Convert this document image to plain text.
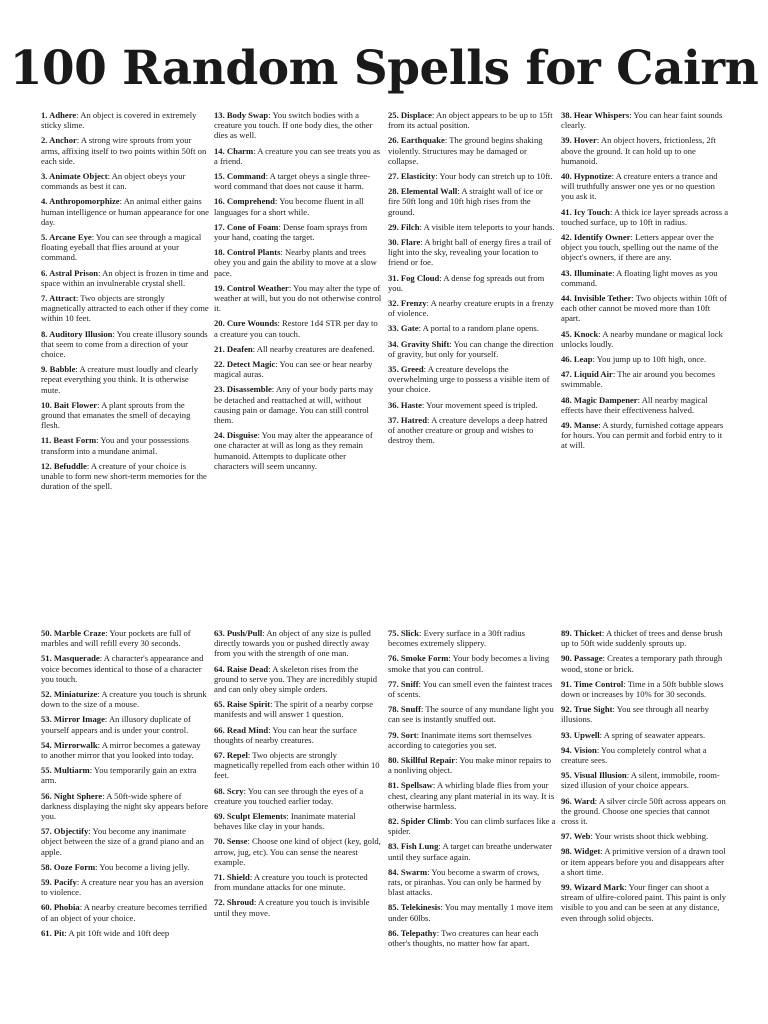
100 Random Spells for Cairn

1. Adhere: An object is covered in extremely sticky slime.

2. Anchor: A strong wire sprouts from your arms, affixing itself to two points within 50ft on each side.

3. Animate Object: An object obeys your commands as best it can.

4. Anthropomorphize: An animal either gains human intelligence or human appearance for one day.

5. Arcane Eye: You can see through a magical floating eyeball that flies around at your command.

6. Astral Prison: An object is frozen in time and space within an invulnerable crystal shell.

7. Attract: Two objects are strongly magnetically attracted to each other if they come within 10 feet.

8. Auditory Illusion: You create illusory sounds that seem to come from a direction of your choice.

9. Babble: A creature must loudly and clearly repeat everything you think. It is otherwise mute.

10. Bait Flower: A plant sprouts from the ground that emanates the smell of decaying flesh.

11. Beast Form: You and your possessions transform into a mundane animal.

12. Befuddle: A creature of your choice is unable to form new short-term memories for the duration of the spell.

13. Body Swap: You switch bodies with a creature you touch. If one body dies, the other dies as well.

14. Charm: A creature you can see treats you as a friend.

15. Command: A target obeys a single three-word command that does not cause it harm.

16. Comprehend: You become fluent in all languages for a short while.

17. Cone of Foam: Dense foam sprays from your hand, coating the target.

18. Control Plants: Nearby plants and trees obey you and gain the ability to move at a slow pace.

19. Control Weather: You may alter the type of weather at will, but you do not otherwise control it.

20. Cure Wounds: Restore 1d4 STR per day to a creature you can touch.

21. Deafen: All nearby creatures are deafened.

22. Detect Magic: You can see or hear nearby magical auras.

23. Disassemble: Any of your body parts may be detached and reattached at will, without causing pain or damage. You can still control them.

24. Disguise: You may alter the appearance of one character at will as long as they remain humanoid. Attempts to duplicate other characters will seem uncanny.

25. Displace: An object appears to be up to 15ft from its actual position.

26. Earthquake: The ground begins shaking violently. Structures may be damaged or collapse.

27. Elasticity: Your body can stretch up to 10ft.

28. Elemental Wall: A straight wall of ice or fire 50ft long and 10ft high rises from the ground.

29. Filch: A visible item teleports to your hands.

30. Flare: A bright ball of energy fires a trail of light into the sky, revealing your location to friend or foe.

31. Fog Cloud: A dense fog spreads out from you.

32. Frenzy: A nearby creature erupts in a frenzy of violence.

33. Gate: A portal to a random plane opens.

34. Gravity Shift: You can change the direction of gravity, but only for yourself.

35. Greed: A creature develops the overwhelming urge to possess a visible item of your choice.

36. Haste: Your movement speed is tripled.

37. Hatred: A creature develops a deep hatred of another creature or group and wishes to destroy them.

38. Hear Whispers: You can hear faint sounds clearly.

39. Hover: An object hovers, frictionless, 2ft above the ground. It can hold up to one humanoid.

40. Hypnotize: A creature enters a trance and will truthfully answer one yes or no question you ask it.

41. Icy Touch: A thick ice layer spreads across a touched surface, up to 10ft in radius.

42. Identify Owner: Letters appear over the object you touch, spelling out the name of the object's owners, if there are any.

43. Illuminate: A floating light moves as you command.

44. Invisible Tether: Two objects within 10ft of each other cannot be moved more than 10ft apart.

45. Knock: A nearby mundane or magical lock unlocks loudly.

46. Leap: You jump up to 10ft high, once.

47. Liquid Air: The air around you becomes swimmable.

48. Magic Dampener: All nearby magical effects have their effectiveness halved.

49. Manse: A sturdy, furnished cottage appears for hours. You can permit and forbid entry to it at will.

50. Marble Craze: Your pockets are full of marbles and will refill every 30 seconds.

51. Masquerade: A character's appearance and voice becomes identical to those of a character you touch.

52. Miniaturize: A creature you touch is shrunk down to the size of a mouse.

53. Mirror Image: An illusory duplicate of yourself appears and is under your control.

54. Mirrorwalk: A mirror becomes a gateway to another mirror that you looked into today.

55. Multiarm: You temporarily gain an extra arm.

56. Night Sphere: A 50ft-wide sphere of darkness displaying the night sky appears before you.

57. Objectify: You become any inanimate object between the size of a grand piano and an apple.

58. Ooze Form: You become a living jelly.

59. Pacify: A creature near you has an aversion to violence.

60. Phobia: A nearby creature becomes terrified of an object of your choice.

61. Pit: A pit 10ft wide and 10ft deep

63. Push/Pull: An object of any size is pulled directly towards you or pushed directly away from you with the strength of one man.

64. Raise Dead: A skeleton rises from the ground to serve you. They are incredibly stupid and can only obey simple orders.

65. Raise Spirit: The spirit of a nearby corpse manifests and will answer 1 question.

66. Read Mind: You can hear the surface thoughts of nearby creatures.

67. Repel: Two objects are strongly magnetically repelled from each other within 10 feet.

68. Scry: You can see through the eyes of a creature you touched earlier today.

69. Sculpt Elements: Inanimate material behaves like clay in your hands.

70. Sense: Choose one kind of object (key, gold, arrow, jug, etc). You can sense the nearest example.

71. Shield: A creature you touch is protected from mundane attacks for one minute.

72. Shroud: A creature you touch is invisible until they move.

75. Slick: Every surface in a 30ft radius becomes extremely slippery.

76. Smoke Form: Your body becomes a living smoke that you can control.

77. Sniff: You can smell even the faintest traces of scents.

78. Snuff: The source of any mundane light you can see is instantly snuffed out.

79. Sort: Inanimate items sort themselves according to categories you set.

80. Skillful Repair: You make minor repairs to a nonliving object.

81. Spellsaw: A whirling blade flies from your chest, clearing any plant material in its way. It is otherwise harmless.

82. Spider Climb: You can climb surfaces like a spider.

83. Fish Lung: A target can breathe underwater until they surface again.

84. Swarm: You become a swarm of crows, rats, or piranhas. You can only be harmed by blast attacks.

85. Telekinesis: You may mentally 1 move item under 60lbs.

86. Telepathy: Two creatures can hear each other's thoughts, no matter how far apart.

89. Thicket: A thicket of trees and dense brush up to 50ft wide suddenly sprouts up.

90. Passage: Creates a temporary path through wood, stone or brick.

91. Time Control: Time in a 50ft bubble slows down or increases by 10% for 30 seconds.

92. True Sight: You see through all nearby illusions.

93. Upwell: A spring of seawater appears.

94. Vision: You completely control what a creature sees.

95. Visual Illusion: A silent, immobile, room-sized illusion of your choice appears.

96. Ward: A silver circle 50ft across appears on the ground. Choose one species that cannot cross it.

97. Web: Your wrists shoot thick webbing.

98. Widget: A primitive version of a drawn tool or item appears before you and disappears after a short time.

99. Wizard Mark: Your finger can shoot a stream of ulfire-colored paint. This paint is only visible to you and can be seen at any distance, even through solid objects.
